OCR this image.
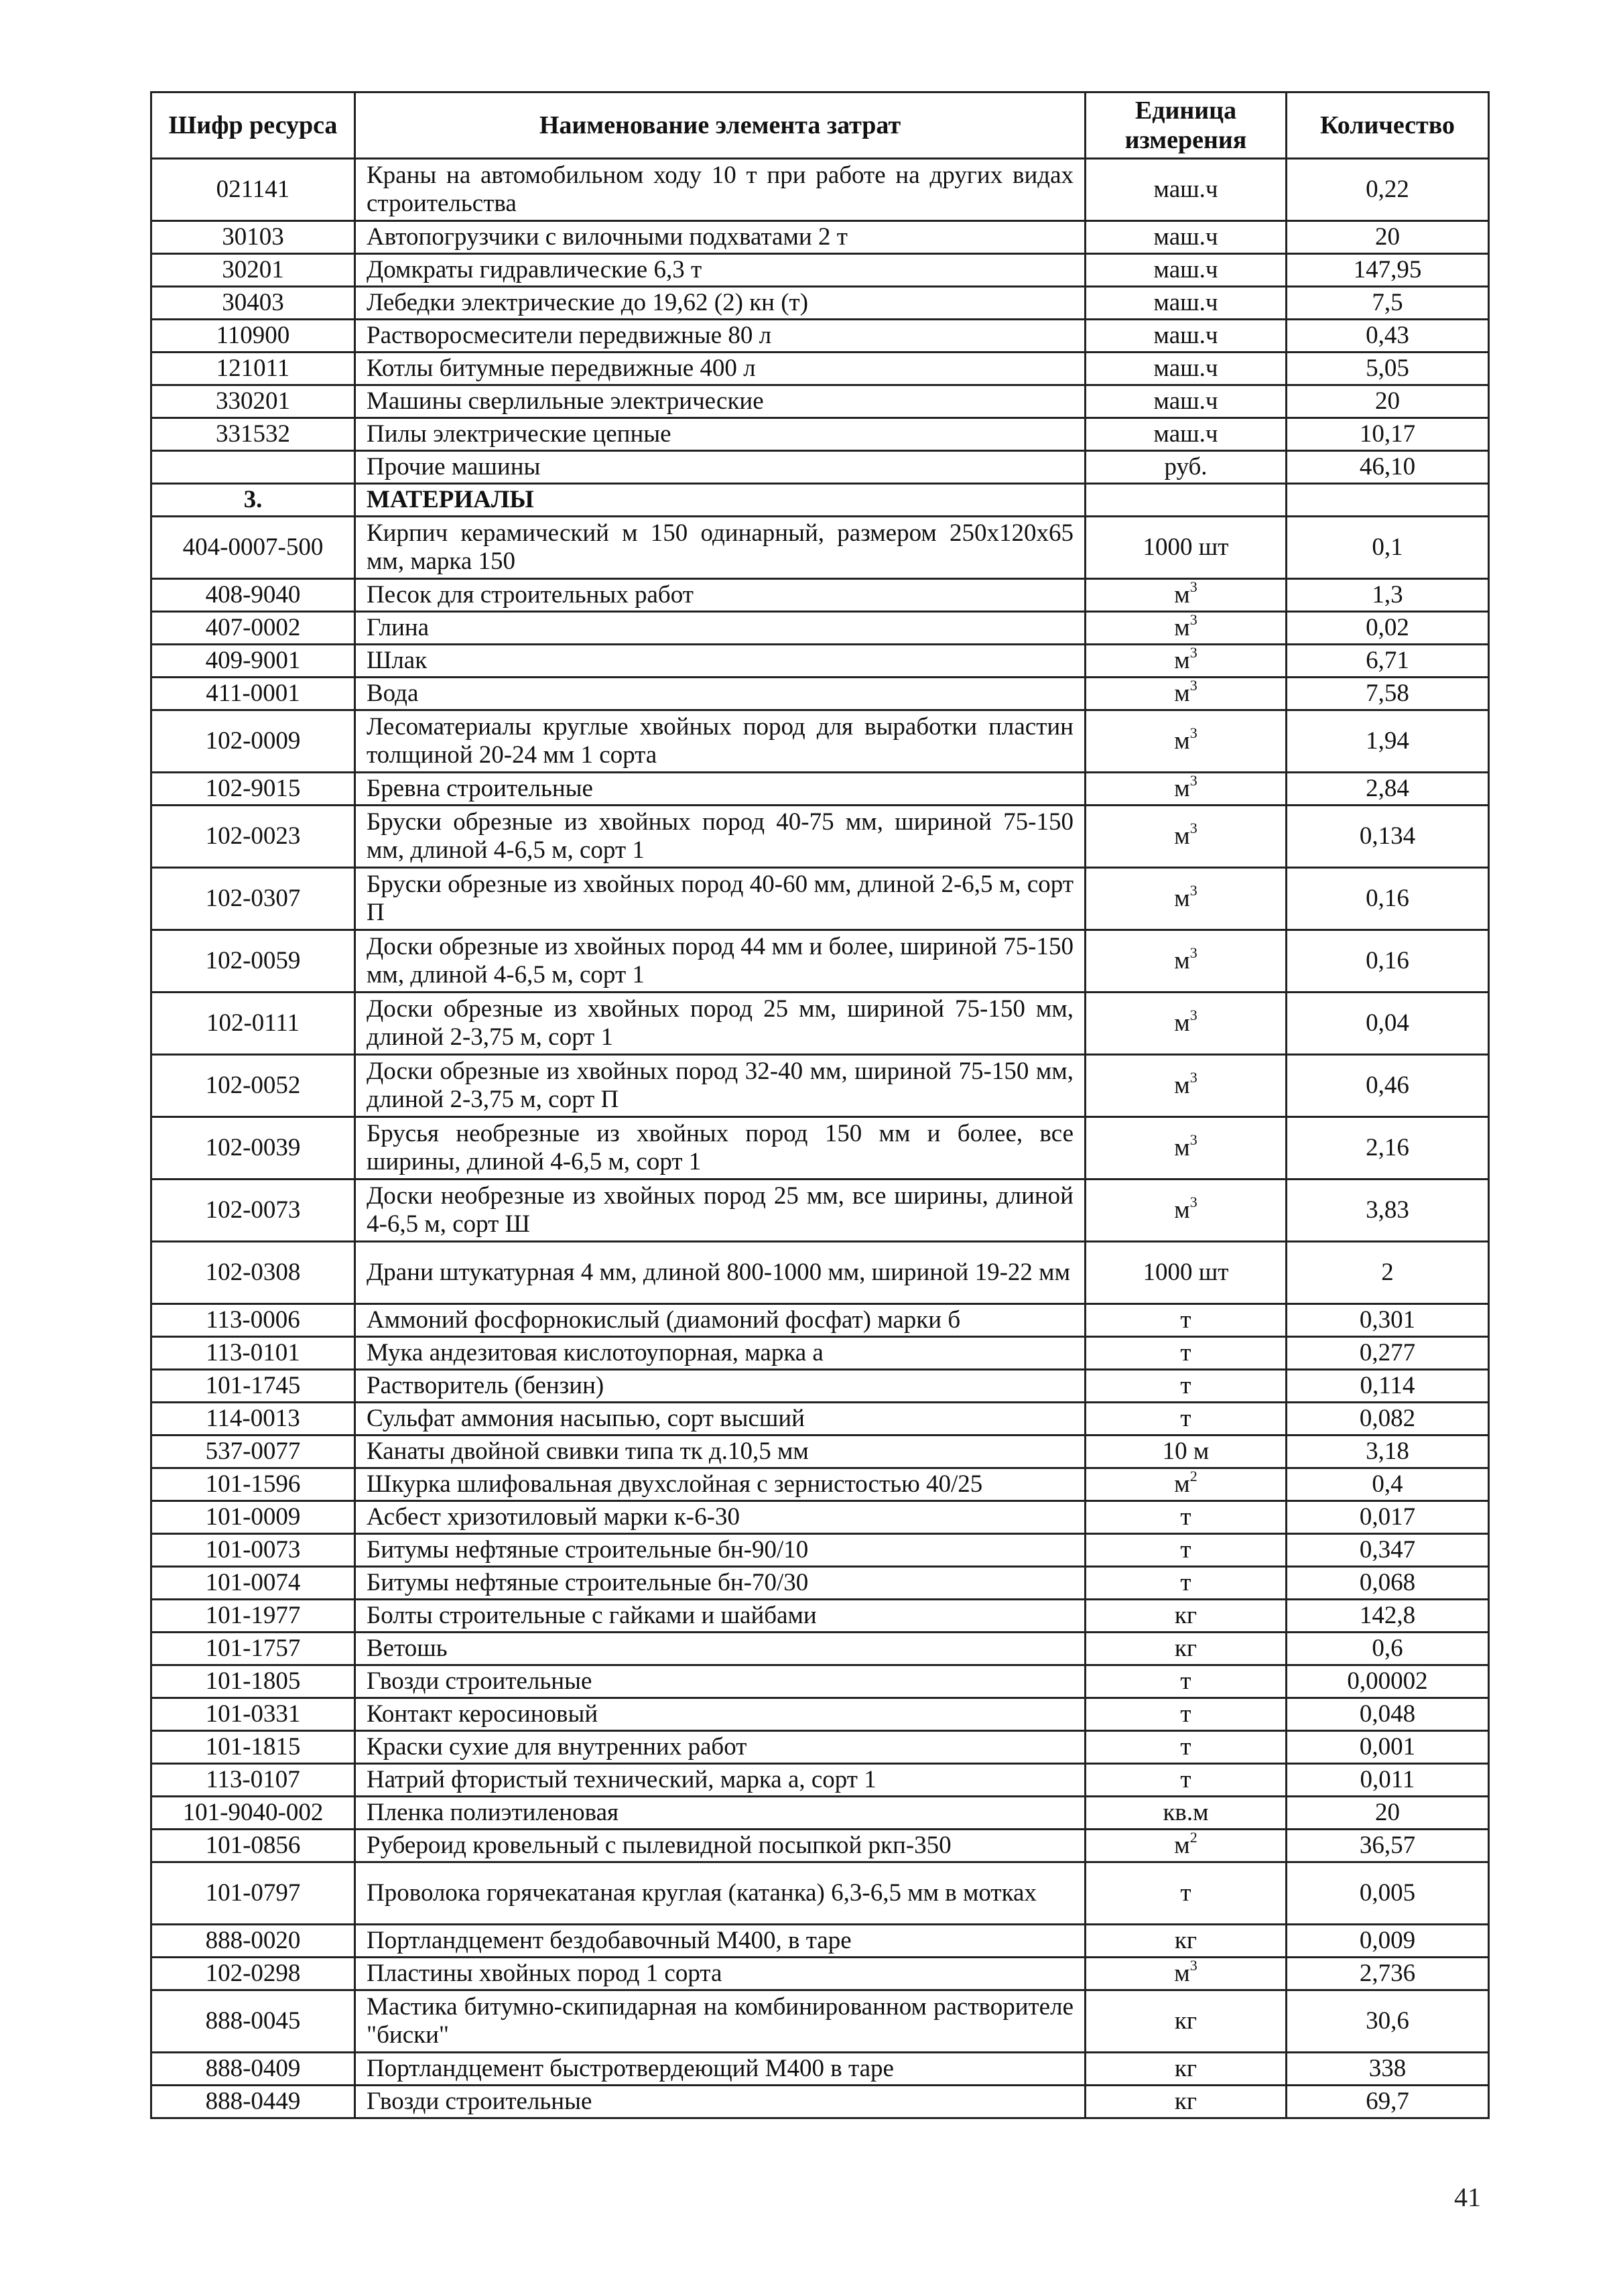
Шифр ресурса	Наименование элемента затрат	Единица измерения	Количество
021141	Краны на автомобильном ходу 10 т при работе на других видах строительства	маш.ч	0,22
30103	Автопогрузчики с вилочными подхватами 2 т	маш.ч	20
30201	Домкраты гидравлические 6,3 т	маш.ч	147,95
30403	Лебедки электрические до 19,62 (2) кн (т)	маш.ч	7,5
110900	Растворосмесители передвижные 80 л	маш.ч	0,43
121011	Котлы битумные передвижные 400 л	маш.ч	5,05
330201	Машины сверлильные электрические	маш.ч	20
331532	Пилы электрические цепные	маш.ч	10,17
	Прочие машины	руб.	46,10
3.	МАТЕРИАЛЫ		
404-0007-500	Кирпич керамический м 150 одинарный, размером 250х120х65 мм, марка 150	1000 шт	0,1
408-9040	Песок для строительных работ	$м^3$	1,3
407-0002	Глина	$м^3$	0,02
409-9001	Шлак	$м^3$	6,71
411-0001	Вода	$м^3$	7,58
102-0009	Лесоматериалы круглые хвойных пород для выработки пластин толщиной 20-24 мм 1 сорта	$м^3$	1,94
102-9015	Бревна строительные	$м^3$	2,84
102-0023	Бруски обрезные из хвойных пород 40-75 мм, шириной 75-150 мм, длиной 4-6,5 м, сорт 1	$м^3$	0,134
102-0307	Бруски обрезные из хвойных пород 40-60 мм, длиной 2-6,5 м, сорт П	$м^3$	0,16
102-0059	Доски обрезные из хвойных пород 44 мм и более, шириной 75-150 мм, длиной 4-6,5 м, сорт 1	$м^3$	0,16
102-0111	Доски обрезные из хвойных пород 25 мм, шириной 75-150 мм, длиной 2-3,75 м, сорт 1	$м^3$	0,04
102-0052	Доски обрезные из хвойных пород 32-40 мм, шириной 75-150 мм, длиной 2-3,75 м, сорт П	$м^3$	0,46
102-0039	Брусья необрезные из хвойных пород 150 мм и более, все ширины, длиной 4-6,5 м, сорт 1	$м^3$	2,16
102-0073	Доски необрезные из хвойных пород 25 мм, все ширины, длиной 4-6,5 м, сорт Ш	$м^3$	3,83
102-0308	Драни штукатурная 4 мм, длиной 800-1000 мм, шириной 19-22 мм	1000 шт	2
113-0006	Аммоний фосфорнокислый (диамоний фосфат) марки б	т	0,301
113-0101	Мука андезитовая кислотоупорная, марка а	т	0,277
101-1745	Растворитель (бензин)	т	0,114
114-0013	Сульфат аммония насыпью, сорт высший	т	0,082
537-0077	Канаты двойной свивки типа тк д.10,5 мм	10 м	3,18
101-1596	Шкурка шлифовальная двухслойная с зернистостью 40/25	$м^2$	0,4
101-0009	Асбест хризотиловый марки к-6-30	т	0,017
101-0073	Битумы нефтяные строительные бн-90/10	т	0,347
101-0074	Битумы нефтяные строительные бн-70/30	т	0,068
101-1977	Болты строительные с гайками и шайбами	кг	142,8
101-1757	Ветошь	кг	0,6
101-1805	Гвозди строительные	т	0,00002
101-0331	Контакт керосиновый	т	0,048
101-1815	Краски сухие для внутренних работ	т	0,001
113-0107	Натрий фтористый технический, марка а, сорт 1	т	0,011
101-9040-002	Пленка полиэтиленовая	кв.м	20
101-0856	Рубероид кровельный с пылевидной посыпкой ркп-350	$м^2$	36,57
101-0797	Проволока горячекатаная круглая (катанка) 6,3-6,5 мм в мотках	т	0,005
888-0020	Портландцемент бездобавочный М400, в таре	кг	0,009
102-0298	Пластины хвойных пород 1 сорта	$м^3$	2,736
888-0045	Мастика битумно-скипидарная на комбинированном растворителе "биски"	кг	30,6
888-0409	Портландцемент быстротвердеющий М400 в таре	кг	338
888-0449	Гвозди строительные	кг	69,7
41
